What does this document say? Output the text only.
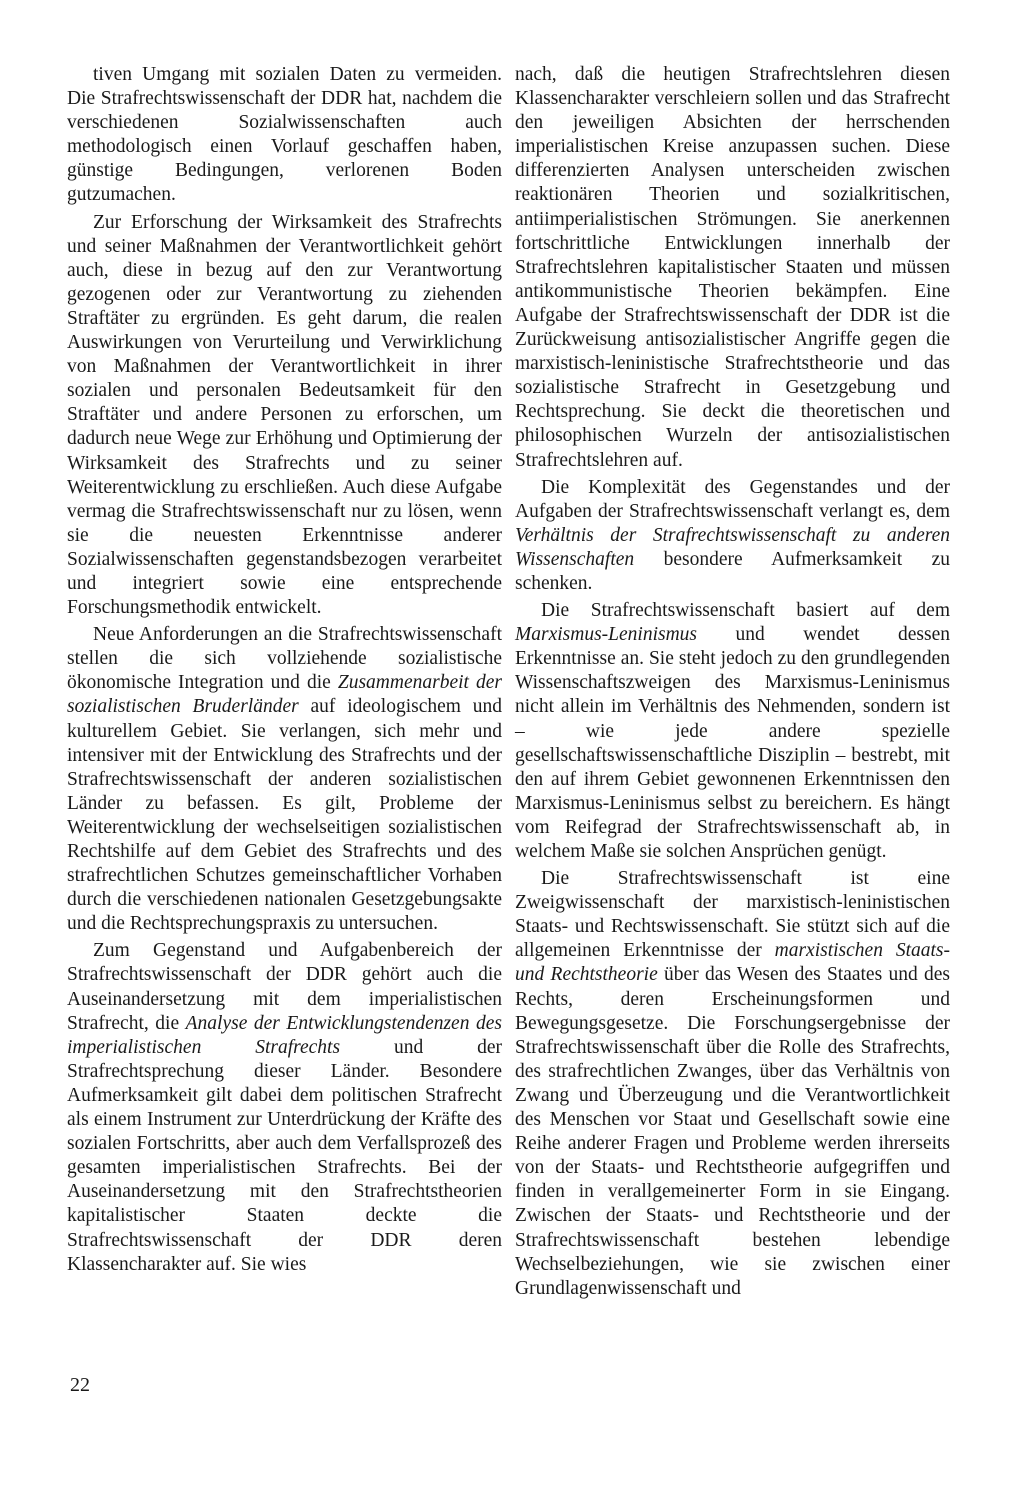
tiven Umgang mit sozialen Daten zu vermeiden. Die Strafrechtswissenschaft der DDR hat, nachdem die verschiedenen Sozialwissenschaften auch methodologisch einen Vorlauf geschaffen haben, günstige Bedingungen, verlorenen Boden gutzumachen.

Zur Erforschung der Wirksamkeit des Strafrechts und seiner Maßnahmen der Verantwortlichkeit gehört auch, diese in bezug auf den zur Verantwortung gezogenen oder zur Verantwortung zu ziehenden Straftäter zu ergründen. Es geht darum, die realen Auswirkungen von Verurteilung und Verwirklichung von Maßnahmen der Verantwortlichkeit in ihrer sozialen und personalen Bedeutsamkeit für den Straftäter und andere Personen zu erforschen, um dadurch neue Wege zur Erhöhung und Optimierung der Wirksamkeit des Strafrechts und zu seiner Weiterentwicklung zu erschließen. Auch diese Aufgabe vermag die Strafrechtswissenschaft nur zu lösen, wenn sie die neuesten Erkenntnisse anderer Sozialwissenschaften gegenstandsbezogen verarbeitet und integriert sowie eine entsprechende Forschungsmethodik entwickelt.

Neue Anforderungen an die Strafrechtswissenschaft stellen die sich vollziehende sozialistische ökonomische Integration und die Zusammenarbeit der sozialistischen Bruderländer auf ideologischem und kulturellem Gebiet. Sie verlangen, sich mehr und intensiver mit der Entwicklung des Strafrechts und der Strafrechtswissenschaft der anderen sozialistischen Länder zu befassen. Es gilt, Probleme der Weiterentwicklung der wechselseitigen sozialistischen Rechtshilfe auf dem Gebiet des Strafrechts und des strafrechtlichen Schutzes gemeinschaftlicher Vorhaben durch die verschiedenen nationalen Gesetzgebungsakte und die Rechtsprechungspraxis zu untersuchen.

Zum Gegenstand und Aufgabenbereich der Strafrechtswissenschaft der DDR gehört auch die Auseinandersetzung mit dem imperialistischen Strafrecht, die Analyse der Entwicklungstendenzen des imperialistischen Strafrechts und der Strafrechtsprechung dieser Länder. Besondere Aufmerksamkeit gilt dabei dem politischen Strafrecht als einem Instrument zur Unterdrückung der Kräfte des sozialen Fortschritts, aber auch dem Verfallsprozeß des gesamten imperialistischen Strafrechts. Bei der Auseinandersetzung mit den Strafrechtstheorien kapitalistischer Staaten deckte die Strafrechtswissenschaft der DDR deren Klassencharakter auf. Sie wies

nach, daß die heutigen Strafrechtslehren diesen Klassencharakter verschleiern sollen und das Strafrecht den jeweiligen Absichten der herrschenden imperialistischen Kreise anzupassen suchen. Diese differenzierten Analysen unterscheiden zwischen reaktionären Theorien und sozialkritischen, antiimperialistischen Strömungen. Sie anerkennen fortschrittliche Entwicklungen innerhalb der Strafrechtslehren kapitalistischer Staaten und müssen antikommunistische Theorien bekämpfen. Eine Aufgabe der Strafrechtswissenschaft der DDR ist die Zurückweisung antisozialistischer Angriffe gegen die marxistisch-leninistische Strafrechtstheorie und das sozialistische Strafrecht in Gesetzgebung und Rechtsprechung. Sie deckt die theoretischen und philosophischen Wurzeln der antisozialistischen Strafrechtslehren auf.

Die Komplexität des Gegenstandes und der Aufgaben der Strafrechtswissenschaft verlangt es, dem Verhältnis der Strafrechtswissenschaft zu anderen Wissenschaften besondere Aufmerksamkeit zu schenken.

Die Strafrechtswissenschaft basiert auf dem Marxismus-Leninismus und wendet dessen Erkenntnisse an. Sie steht jedoch zu den grundlegenden Wissenschaftszweigen des Marxismus-Leninismus nicht allein im Verhältnis des Nehmenden, sondern ist – wie jede andere spezielle gesellschaftswissenschaftliche Disziplin – bestrebt, mit den auf ihrem Gebiet gewonnenen Erkenntnissen den Marxismus-Leninismus selbst zu bereichern. Es hängt vom Reifegrad der Strafrechtswissenschaft ab, in welchem Maße sie solchen Ansprüchen genügt.

Die Strafrechtswissenschaft ist eine Zweigwissenschaft der marxistisch-leninistischen Staats- und Rechtswissenschaft. Sie stützt sich auf die allgemeinen Erkenntnisse der marxistischen Staats- und Rechtstheorie über das Wesen des Staates und des Rechts, deren Erscheinungsformen und Bewegungsgesetze. Die Forschungsergebnisse der Strafrechtswissenschaft über die Rolle des Strafrechts, des strafrechtlichen Zwanges, über das Verhältnis von Zwang und Überzeugung und die Verantwortlichkeit des Menschen vor Staat und Gesellschaft sowie eine Reihe anderer Fragen und Probleme werden ihrerseits von der Staats- und Rechtstheorie aufgegriffen und finden in verallgemeinerter Form in sie Eingang. Zwischen der Staats- und Rechtstheorie und der Strafrechtswissenschaft bestehen lebendige Wechselbeziehungen, wie sie zwischen einer Grundlagenwissenschaft und

22
